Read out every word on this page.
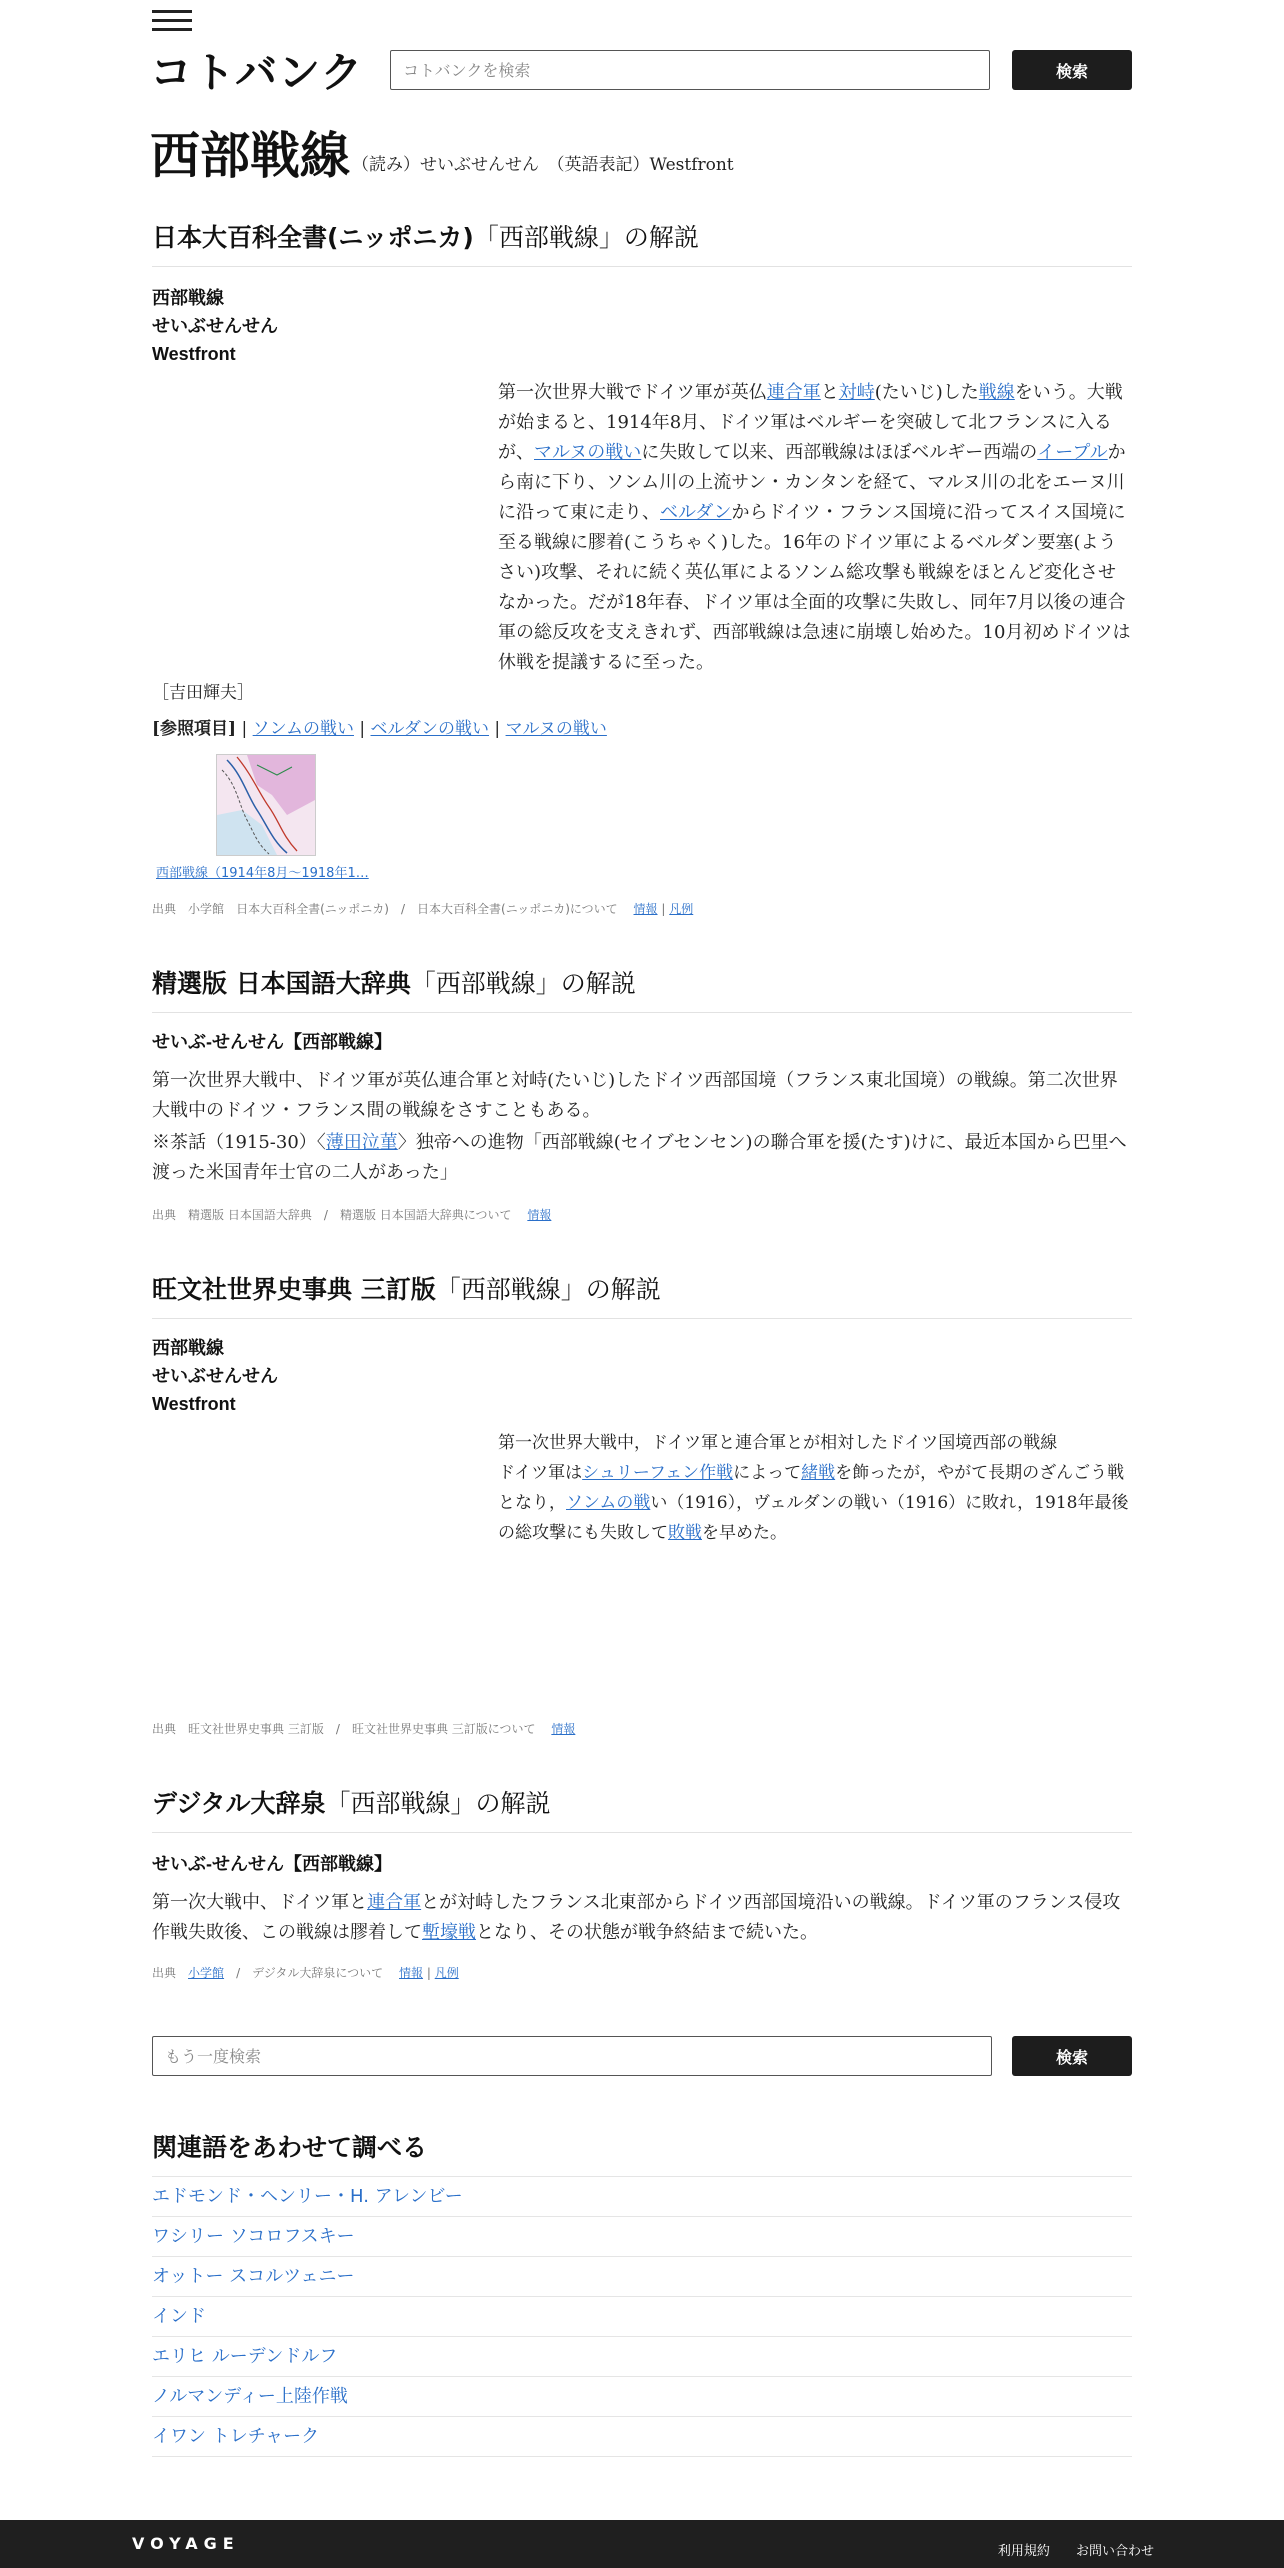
コトバンク
コトバンクを検索	検索
西部戦線 （読み）せいぶせんせん　（英語表記）Westfront
日本大百科全書(ニッポニカ)「西部戦線」の解説
西部戦線
せいぶせんせん
Westfront
第一次世界大戦でドイツ軍が英仏連合軍と対峙(たいじ)した戦線をいう。大戦が始まると、1914年8月、ドイツ軍はベルギーを突破して北フランスに入るが、マルヌの戦いに失敗して以来、西部戦線はほぼベルギー西端のイープルから南に下り、ソンム川の上流サン・カンタンを経て、マルヌ川の北をエーヌ川に沿って東に走り、ベルダンからドイツ・フランス国境に沿ってスイス国境に至る戦線に膠着(こうちゃく)した。16年のドイツ軍によるベルダン要塞(ようさい)攻撃、それに続く英仏軍によるソンム総攻撃も戦線をほとんど変化させなかった。だが18年春、ドイツ軍は全面的攻撃に失敗し、同年7月以後の連合軍の総反攻を支えきれず、西部戦線は急速に崩壊し始めた。10月初めドイツは休戦を提議するに至った。
［吉田輝夫］
[参照項目] | ソンムの戦い | ベルダンの戦い | マルヌの戦い
西部戦線（1914年8月～1918年1…
出典　 小学館　 日本大百科全書(ニッポニカ)　 /　 日本大百科全書(ニッポニカ)について　 情報 | 凡例
精選版 日本国語大辞典「西部戦線」の解説
せいぶ‐せんせん【西部戦線】
第一次世界大戦中、ドイツ軍が英仏連合軍と対峙(たいじ)したドイツ西部国境（フランス東北国境）の戦線。第二次世界大戦中のドイツ・フランス間の戦線をさすこともある。
※茶話（1915‐30）〈薄田泣菫〉独帝への進物「西部戦線(セイブセンセン)の聯合軍を援(たす)けに、最近本国から巴里へ渡った米国青年士官の二人があった」
出典　 精選版 日本国語大辞典　 /　 精選版 日本国語大辞典について　 情報
旺文社世界史事典 三訂版「西部戦線」の解説
西部戦線
せいぶせんせん
Westfront
第一次世界大戦中，ドイツ軍と連合軍とが相対したドイツ国境西部の戦線
ドイツ軍はシュリーフェン作戦によって緒戦を飾ったが，やがて長期のざんごう戦となり，ソンムの戦い（1916），ヴェルダンの戦い（1916）に敗れ，1918年最後の総攻撃にも失敗して敗戦を早めた。
出典　 旺文社世界史事典 三訂版　 /　 旺文社世界史事典 三訂版について　 情報
デジタル大辞泉「西部戦線」の解説
せいぶ‐せんせん【西部戦線】
第一次大戦中、ドイツ軍と連合軍とが対峙したフランス北東部からドイツ西部国境沿いの戦線。ドイツ軍のフランス侵攻作戦失敗後、この戦線は膠着して塹壕戦となり、その状態が戦争終結まで続いた。
出典　 小学館　 /　 デジタル大辞泉について　 情報 | 凡例
もう一度検索
検索
関連語をあわせて調べる
エドモンド・ヘンリー・H. アレンビー
ワシリー ソコロフスキー
オットー スコルツェニー
インド
エリヒ ルーデンドルフ
ノルマンディー上陸作戦
イワン トレチャーク
VOYAGE	利用規約 お問い合わせ
